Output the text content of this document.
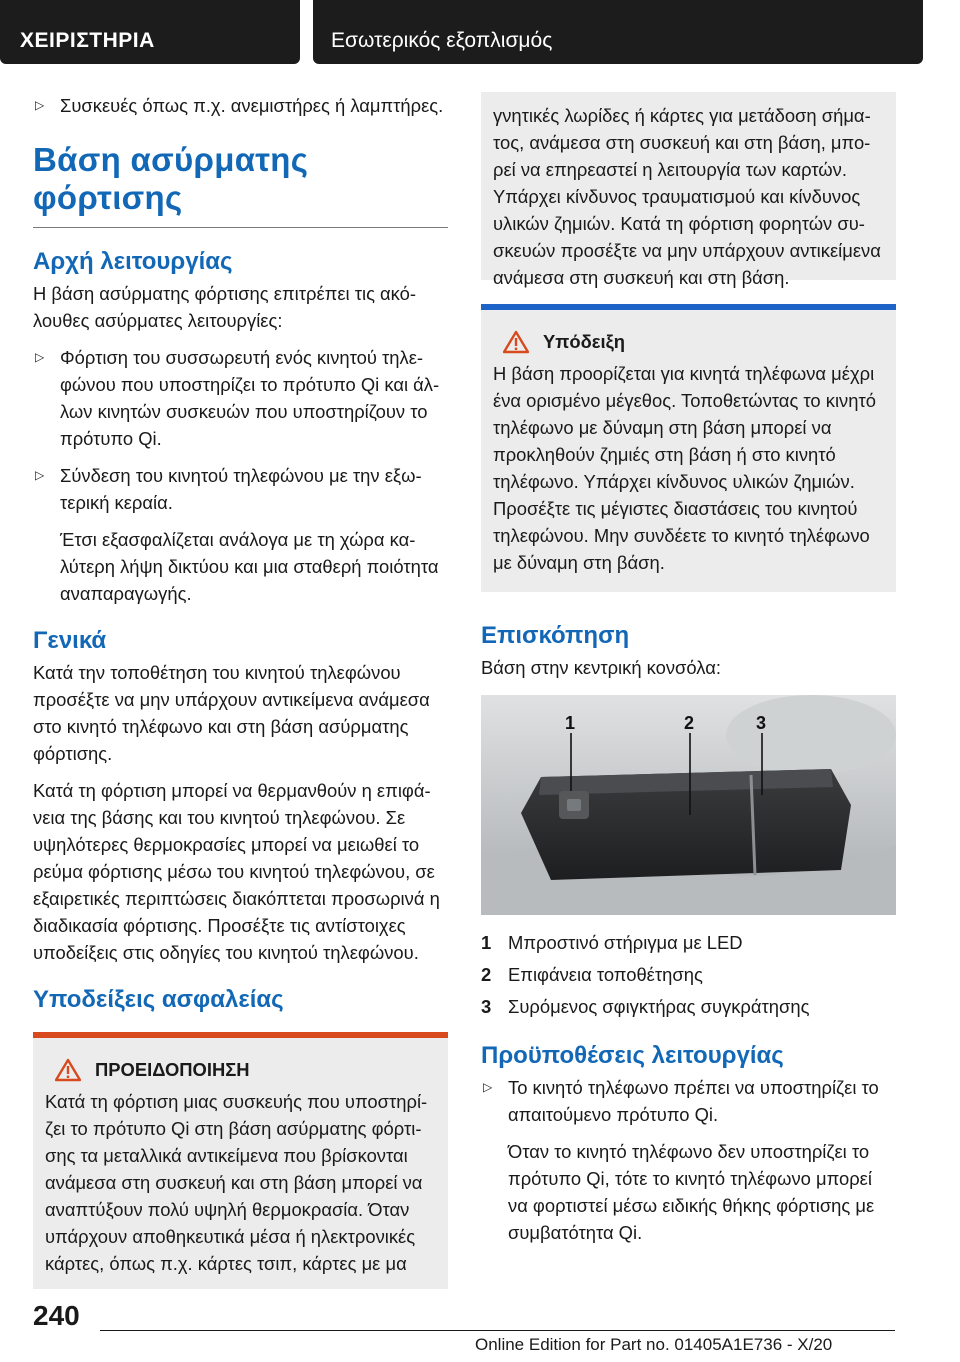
ΧΕΙΡΙΣΤΗΡΙΑ	Εσωτερικός εξοπλισμός
▷ Συσκευές όπως π.χ. ανεμιστήρες ή λαμπτήρες.

Βάση ασύρματης φόρτισης
Αρχή λειτουργίας

Η βάση ασύρματης φόρτισης επιτρέπει τις ακόλουθες ασύρματες λειτουργίες:

▷ Φόρτιση του συσσωρευτή ενός κινητού τηλεφώνου που υποστηρίζει το πρότυπο Qi και άλλων κινητών συσκευών που υποστηρίζουν το πρότυπο Qi.

▷ Σύνδεση του κινητού τηλεφώνου με την εξωτερική κεραία.

Έτσι εξασφαλίζεται ανάλογα με τη χώρα καλύτερη λήψη δικτύου και μια σταθερή ποιότητα αναπαραγωγής.

Γενικά

Κατά την τοποθέτηση του κινητού τηλεφώνου προσέξτε να μην υπάρχουν αντικείμενα ανάμεσα στο κινητό τηλέφωνο και στη βάση ασύρματης φόρτισης.

Κατά τη φόρτιση μπορεί να θερμανθούν η επιφάνεια της βάσης και του κινητού τηλεφώνου. Σε υψηλότερες θερμοκρασίες μπορεί να μειωθεί το ρεύμα φόρτισης μέσω του κινητού τηλεφώνου, σε εξαιρετικές περιπτώσεις διακόπτεται προσωρινά η διαδικασία φόρτισης. Προσέξτε τις αντίστοιχες υποδείξεις στις οδηγίες του κινητού τηλεφώνου.

Υποδείξεις ασφαλείας
ΠΡΟΕΙΔΟΠΟΙΗΣΗ

Κατά τη φόρτιση μιας συσκευής που υποστηρίζει το πρότυπο Qi στη βάση ασύρματης φόρτισης τα μεταλλικά αντικείμενα που βρίσκονται ανάμεσα στη συσκευή και στη βάση μπορεί να αναπτύξουν πολύ υψηλή θερμοκρασία. Όταν υπάρχουν αποθηκευτικά μέσα ή ηλεκτρονικές κάρτες, όπως π.χ. κάρτες τσιπ, κάρτες με μα

γνητικές λωρίδες ή κάρτες για μετάδοση σήματος, ανάμεσα στη συσκευή και στη βάση, μπορεί να επηρεαστεί η λειτουργία των καρτών. Υπάρχει κίνδυνος τραυματισμού και κίνδυνος υλικών ζημιών. Κατά τη φόρτιση φορητών συσκευών προσέξτε να μην υπάρχουν αντικείμενα ανάμεσα στη συσκευή και στη βάση.

Υπόδειξη

Η βάση προορίζεται για κινητά τηλέφωνα μέχρι ένα ορισμένο μέγεθος. Τοποθετώντας το κινητό τηλέφωνο με δύναμη στη βάση μπορεί να προκληθούν ζημιές στη βάση ή στο κινητό τηλέφωνο. Υπάρχει κίνδυνος υλικών ζημιών. Προσέξτε τις μέγιστες διαστάσεις του κινητού τηλεφώνου. Μην συνδέετε το κινητό τηλέφωνο με δύναμη στη βάση.

Επισκόπηση

Βάση στην κεντρική κονσόλα:

1	2	3
1 Μπροστινό στήριγμα με LED
2 Επιφάνεια τοποθέτησης
3 Συρόμενος σφιγκτήρας συγκράτησης
Προϋποθέσεις λειτουργίας
▷ Το κινητό τηλέφωνο πρέπει να υποστηρίζει το απαιτούμενο πρότυπο Qi.

Όταν το κινητό τηλέφωνο δεν υποστηρίζει το πρότυπο Qi, τότε το κινητό τηλέφωνο μπορεί να φορτιστεί μέσω ειδικής θήκης φόρτισης με συμβατότητα Qi.

240
Online Edition for Part no. 01405A1E736 - X/20
